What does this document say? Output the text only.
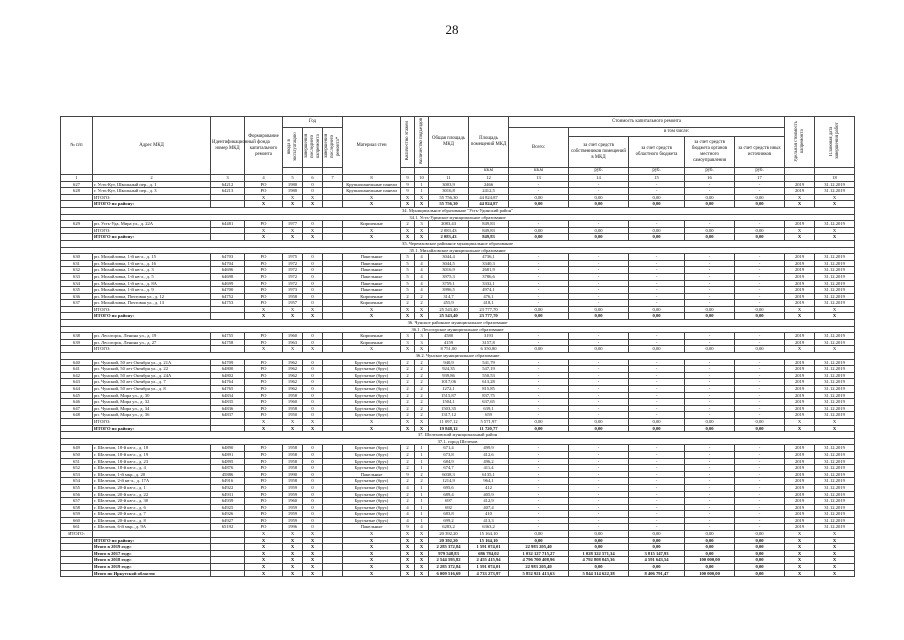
28
№ п/п	Адрес МКД	Идентификационный номер МКД	Формирование фонда капитального ремонта	Год			Материал стен	Количество этажей	Количество подъездов	Общая площадь МКД	Площадь помещений МКД	Стоимость капитального ремонта					Удельная стоимость капремонта	Плановая дата завершения работ	
				ввода в эксплуатацию	завершения последнего капремонта	завершения последнего ремонта*						Всего:	в том числе:						
													за счет средств собственников помещений в МКД	за счет средств областного бюджета	за счет средств бюджета органов местного самоуправления	за счет средств иных источников			
											кв.м	кв.м	руб.	руб.	руб.	руб.			
1	2	3	4	5	6	7	8	9	10	11	12	13	14	15	16	17		18	
627	г. Усть-Кут, Школьный пер., д. 1	64212	РО	1980	0		Крупнопанельные панели	9	1	3003,9	2466	-	-	-	-	-	2019	31.12.2019	
628	г. Усть-Кут, Школьный пер., д. 3	64213	РО	1980	0		Крупнопанельные панели	9	1	3016,8	2412,5	-	-	-	-	-	2019	31.12.2019	
	ИТОГО:		X	X	X		X	X	X	55 756,30	44 824,87	0,00	0,00	0,00	0,00	0,00	X	X	
	ИТОГО по району:		X	X	X		X	X	X	55 756,30	44 824,87	0,00	0,00	0,00	0,00	0,00	X	X	
34. Муниципальное образование "Усть-Удинский район"																			
34.1. Усть-Удинское муниципальное образование																			
629	рп. Усть-Уда, Мира ул., д. 22А	64481	РО	1977	0		Кирпичные	2	3	2083,43	849,83	-	-	-	-	-	2019	31.12.2019	
	ИТОГО:		X	X	X		X	X	X	2 083,43	849,83	0,00	0,00	0,00	0,00	0,00	X	X	
	ИТОГО по району:		X	X	X		X	X	X	2 083,43	849,83	0,00	0,00	0,00	0,00	0,00	X	X	
35. Черемховское районное муниципальное образование																			
35.1. Михайловское муниципальное образование																			
630	рп. Михайловка, 1-й кв-л., д. 15	64703	РО	1975	0		Панельные	5	4	3044,4	4736,1	-	-	-	-	-	2019	31.12.2019	
631	рп. Михайловка, 1-й кв-л., д. 16	64704	РО	1972	0		Панельные	5	4	3044,5	3340,3	-	-	-	-	-	2019	31.12.2019	
632	рп. Михайловка, 1-й кв-л., д. 3	64696	РО	1972	0		Панельные	5	4	3016,9	2681,9	-	-	-	-	-	2019	31.12.2019	
633	рп. Михайловка, 1-й кв-л., д. 5	64698	РО	1972	0		Панельные	5	4	3975,3	3786,6	-	-	-	-	-	2019	31.12.2019	
634	рп. Михайловка, 1-й кв-л., д. 8А	64699	РО	1972	0		Панельные	5	4	3759,1	3332,1	-	-	-	-	-	2019	31.12.2019	
635	рп. Михайловка, 1-й кв-л., д. 9	64700	РО	1973	0		Панельные	5	4	3996,5	4974,1	-	-	-	-	-	2019	31.12.2019	
636	рп. Михайловка, Почтовая ул., д. 12	64752	РО	1958	0		Кирпичные	2	2	314,7	476,1	-	-	-	-	-	2019	31.12.2019	
637	рп. Михайловка, Почтовая ул., д. 13	64753	РО	1957	0		Кирпичные	2	2	455,9	418,1	-	-	-	-	-	2019	31.12.2019	
	ИТОГО:		X	X	X		X	X	X	25 543,40	23 777,70	0,00	0,00	0,00	0,00	0,00	X	X	
	ИТОГО по району:		X	X	X		X	X	X	25 543,40	23 777,70	0,00	0,00	0,00	0,00	0,00	X	X	
36. Чунское районное муниципальное образование																			
36.1. Лесогорское муниципальное образование																			
638	рп. Лесогорск, Ленина ул., д. 19	64755	РО	1960	0		Кирпичные	3	3	4580	3193	-	-	-	-	-	2019	31.12.2019	
639	рп. Лесогорск, Ленина ул., д. 27	64758	РО	1963	0		Кирпичные	3	3	4159	3157,8	-	-	-	-	-	2019	31.12.2019	
	ИТОГО:		X	X	X		X	X	X	8 751,00	6 350,80	0,00	0,00	0,00	0,00	0,00	X	X	
36.2. Чунское муниципальное образование																			
640	рп. Чунский, 50 лет Октября ул., д. 21А	64709	РО	1962	0		Брусчатые (брус)	2	2	940,9	541,79	-	-	-	-	-	2019	31.12.2019	
641	рп. Чунский, 50 лет Октября ул., д. 22	64800	РО	1962	0		Брусчатые (брус)	2	2	924,35	547,19	-	-	-	-	-	2019	31.12.2019	
642	рп. Чунский, 50 лет Октября ул., д. 24А	64802	РО	1962	0		Брусчатые (брус)	2	2	939,86	550,53	-	-	-	-	-	2019	31.12.2019	
643	рп. Чунский, 50 лет Октября ул., д. 7	64764	РО	1962	0		Брусчатые (брус)	2	2	1017,06	613,28	-	-	-	-	-	2019	31.12.2019	
644	рп. Чунский, 50 лет Октября ул., д. 8	64765	РО	1962	0		Брусчатые (брус)	2	2	1272,1	815,85	-	-	-	-	-	2019	31.12.2019	
645	рп. Чунский, Мира ул., д. 30	64834	РО	1958	0		Брусчатые (брус)	2	2	1515,87	837,75	-	-	-	-	-	2019	31.12.2019	
646	рп. Чунский, Мира ул., д. 32	64835	РО	1960	0		Брусчатые (брус)	2	2	1504,1	637,65	-	-	-	-	-	2019	31.12.2019	
647	рп. Чунский, Мира ул., д. 34	64836	РО	1958	0		Брусчатые (брус)	2	2	1503,35	639,1	-	-	-	-	-	2019	31.12.2019	
648	рп. Чунский, Мира ул., д. 36	64837	РО	1950	0		Брусчатые (брус)	2	2	1317,12	659	-	-	-	-	-	2019	31.12.2019	
	ИТОГО:		X	X	X		X	X	X	11 097,12	5 571,97	0,00	0,00	0,00	0,00	0,00	X	X	
	ИТОГО по району:		X	X	X		X	X	X	19 848,12	11 720,77	0,00	0,00	0,00	0,00	0,00	X	X	
37. Шелеховский муниципальный район																			
37.1. город Шелехов																			
649	г. Шелехов, 18-й кв-л., д. 18	64890	РО	1958	0		Брусчатые (брус)	2	1	671,4	499,9	-	-	-	-	-	2019	31.12.2019	
650	г. Шелехов, 18-й кв-л., д. 19	64891	РО	1958	0		Брусчатые (брус)	2	1	673,8	412,6	-	-	-	-	-	2019	31.12.2019	
651	г. Шелехов, 18-й кв-л., д. 23	64895	РО	1958	0		Брусчатые (брус)	2	1	684,9	496,2	-	-	-	-	-	2019	31.12.2019	
652	г. Шелехов, 18-й кв-л., д. 4	64876	РО	1958	0		Брусчатые (брус)	2	1	674,7	411,4	-	-	-	-	-	2019	31.12.2019	
653	г. Шелехов, 1-й мкр., д. 20	45886	РО	1990	0		Панельные	9	2	6038,3	6135,1	-	-	-	-	-	2019	31.12.2019	
654	г. Шелехов, 2-й кв-л., д. 17А	64916	РО	1958	0		Брусчатые (брус)	2	2	1214,9	964,1	-	-	-	-	-	2019	31.12.2019	
655	г. Шелехов, 20-й кв-л., д. 1	64922	РО	1959	0		Брусчатые (брус)	4	1	695,6	412	-	-	-	-	-	2019	31.12.2019	
656	г. Шелехов, 20-й кв-л., д. 22	64931	РО	1959	0		Брусчатые (брус)	2	1	689,4	405,9	-	-	-	-	-	2019	31.12.2019	
657	г. Шелехов, 20-й кв-л., д. 30	64939	РО	1960	0		Брусчатые (брус)	2	1	697	412,9	-	-	-	-	-	2019	31.12.2019	
658	г. Шелехов, 20-й кв-л., д. 6	64925	РО	1959	0		Брусчатые (брус)	4	1	692	407,4	-	-	-	-	-	2019	31.12.2019	
659	г. Шелехов, 20-й кв-л., д. 7	64926	РО	1959	0		Брусчатые (брус)	4	1	683,8	410	-	-	-	-	-	2019	31.12.2019	
660	г. Шелехов, 20-й кв-л., д. 8	64927	РО	1959	0		Брусчатые (брус)	4	1	699,2	413,3	-	-	-	-	-	2019	31.12.2019	
661	г. Шелехов, 6-й мкр., д. 9А	65192	РО	1996	0		Панельные	9	4	6283,2	6363,2	-	-	-	-	-	2019	31.12.2019	
ИТОГО:			X	X	X		X	X	X	20 392,20	15 164,10	0,00	0,00	0,00	0,00	0,00	X	X	
	ИТОГО по району:		X	X	X		X	X	X	20 392,20	15 164,10	0,00	0,00	0,00	0,00	0,00	X	X	
	Итого в 2019 году:		X	X	X		X	X	X	2 285 372,84	1 591 074,01	22 983 205,40	0,00	0,00	0,00	0,00	X	X	
	Итого в 2017 году:		X	X	X		X	X	X	979 548,83	686 784,02	1 032 127 715,27	1 028 322 571,34	3 815 147,93	0,00	0,00	X	X	
	Итого в 2018 году:		X	X	X		X	X	X	2 544 595,82	2 455 415,94	4 796 700 408,96	4 792 808 045,36	4 591 643,54	100 000,00	0,00	X	X	
	Итого в 2019 году:		X	X	X		X	X	X	2 285 372,84	1 591 074,01	22 983 205,40	0,00	0,00	0,00	0,00	X	X	
	Итого по Иркутской области:		X	X	X		X	X	X	6 009 516,69	4 733 273,97	5 852 921 413,63	5 844 314 622,38	8 406 791,47	100 000,00	0,00	X	X	
